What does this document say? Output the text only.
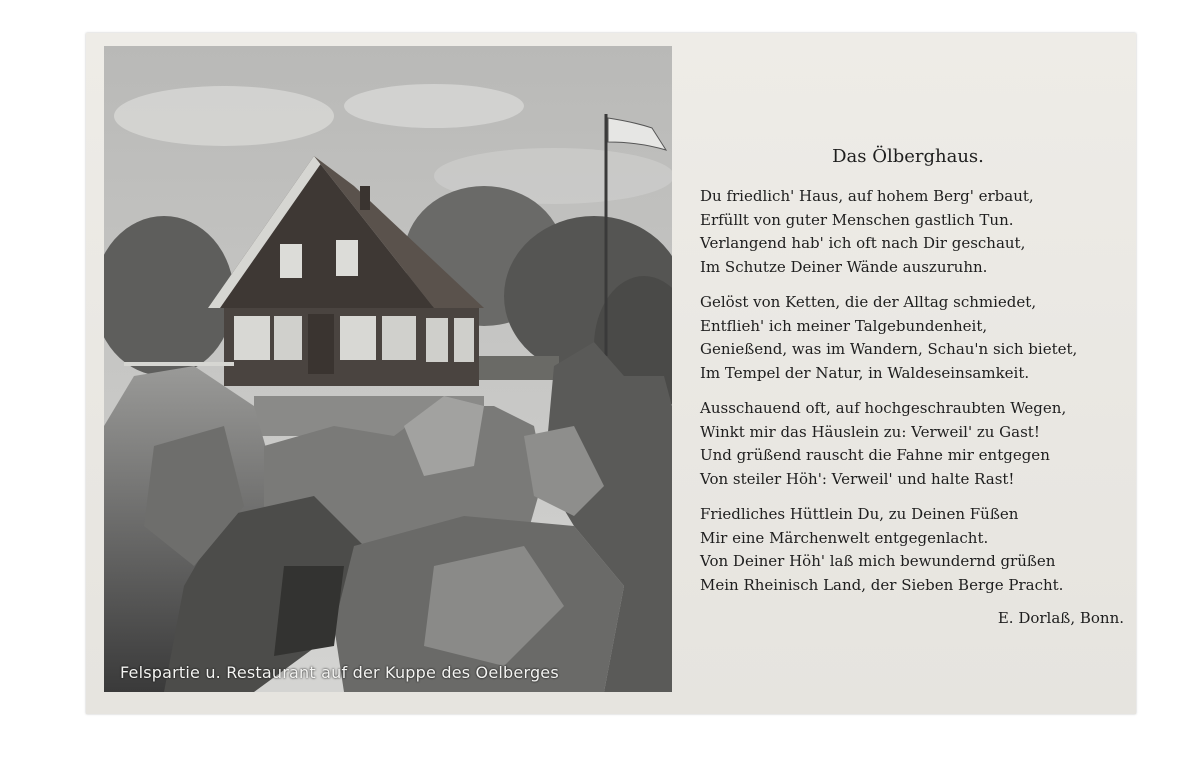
Felspartie u. Restaurant auf der Kuppe des Oelberges
Das Ölberghaus.
Du friedlich' Haus, auf hohem Berg' erbaut,
Erfüllt von guter Menschen gastlich Tun.
Verlangend hab' ich oft nach Dir geschaut,
Im Schutze Deiner Wände auszuruhn.
Gelöst von Ketten, die der Alltag schmiedet,
Entflieh' ich meiner Talgebundenheit,
Genießend, was im Wandern, Schau'n sich bietet,
Im Tempel der Natur, in Waldeseinsamkeit.
Ausschauend oft, auf hochgeschraubten Wegen,
Winkt mir das Häuslein zu: Verweil' zu Gast!
Und grüßend rauscht die Fahne mir entgegen
Von steiler Höh': Verweil' und halte Rast!
Friedliches Hüttlein Du, zu Deinen Füßen
Mir eine Märchenwelt entgegenlacht.
Von Deiner Höh' laß mich bewundernd grüßen
Mein Rheinisch Land, der Sieben Berge Pracht.
E. Dorlaß, Bonn.
